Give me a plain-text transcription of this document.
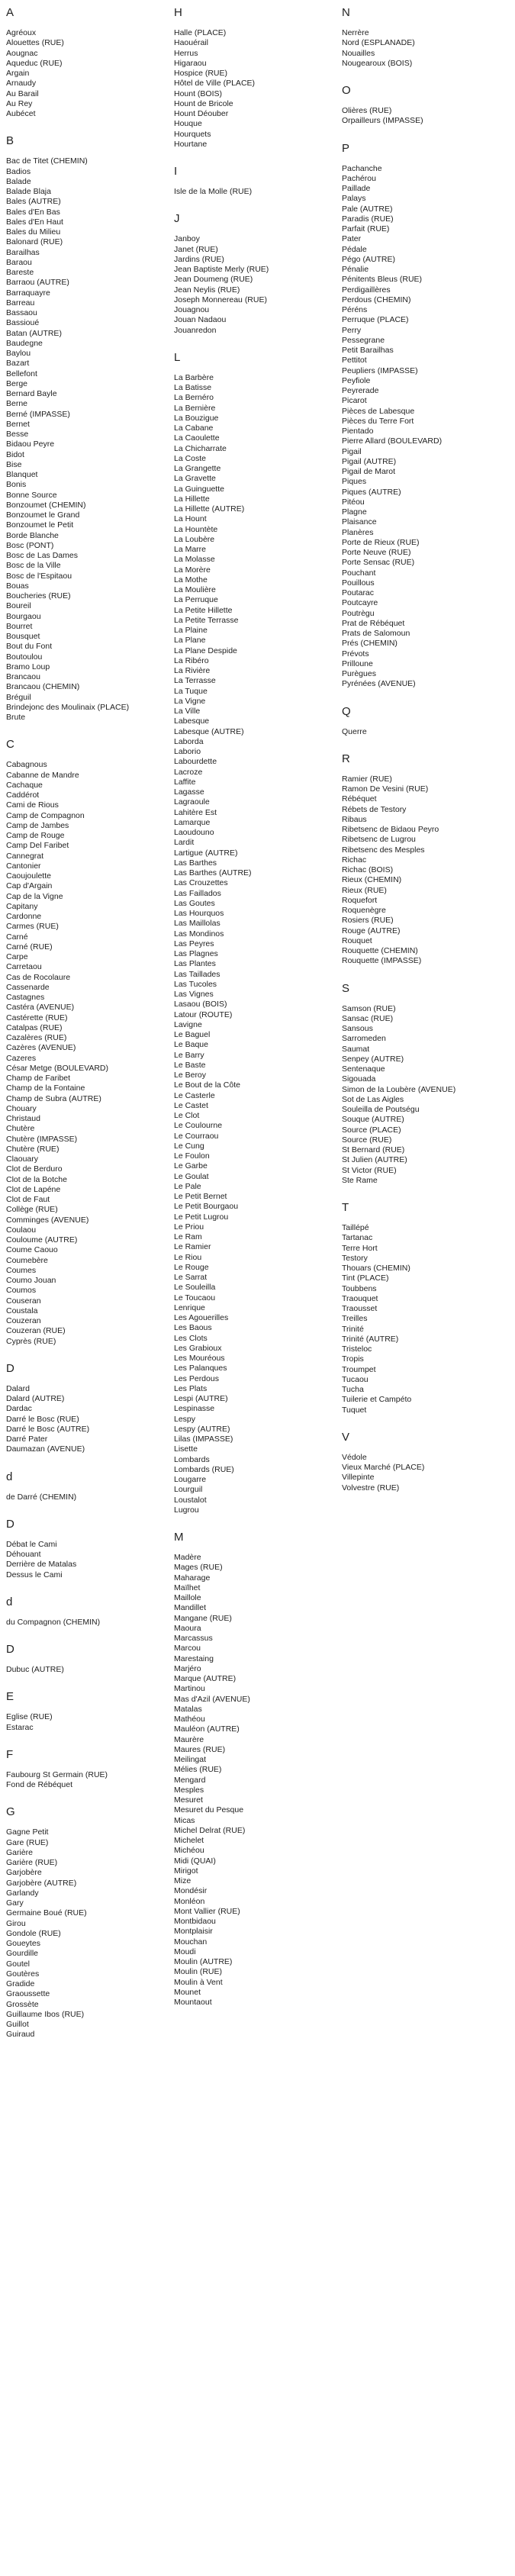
A
Agréoux
Alouettes (RUE)
Aougnac
Aqueduc (RUE)
Argain
Arnaudy
Au Barail
Au Rey
Aubécet
B
Bac de Titet (CHEMIN)
Badios
Balade
Balade Blaja
Bales (AUTRE)
Bales d'En Bas
Bales d'En Haut
Bales du Milieu
Balonard (RUE)
Barailhas
Baraou
Bareste
Barraou (AUTRE)
Barraquayre
Barreau
Bassaou
Bassioué
Batan (AUTRE)
Baudegne
Baylou
Bazart
Bellefont
Berge
Bernard Bayle
Berne
Berné (IMPASSE)
Bernet
Besse
Bidaou Peyre
Bidot
Bise
Blanquet
Bonis
Bonne Source
Bonzoumet (CHEMIN)
Bonzoumet le Grand
Bonzoumet le Petit
Borde Blanche
Bosc (PONT)
Bosc de Las Dames
Bosc de la Ville
Bosc de l'Espitaou
Bouas
Boucheries (RUE)
Boureil
Bourgaou
Bourret
Bousquet
Bout du Font
Boutoulou
Bramo Loup
Brancaou
Brancaou (CHEMIN)
Bréguil
Brindejonc des Moulinaix (PLACE)
Brute
C
Cabagnous
Cabanne de Mandre
Cachaque
Caddérot
Cami de Rious
Camp de Compagnon
Camp de Jambes
Camp de Rouge
Camp Del Faribet
Cannegrat
Cantonier
Caoujoulette
Cap d'Argain
Cap de la Vigne
Capitany
Cardonne
Carmes (RUE)
Carné
Carné (RUE)
Carpe
Carretaou
Cas de Rocolaure
Cassenarde
Castagnes
Castéra (AVENUE)
Castérette (RUE)
Catalpas (RUE)
Cazalères (RUE)
Cazères (AVENUE)
Cazeres
César Metge (BOULEVARD)
Champ de Faribet
Champ de la Fontaine
Champ de Subra (AUTRE)
Chouary
Christaud
Chutère
Chutère (IMPASSE)
Chutère (RUE)
Claouary
Clot de Berduro
Clot de la Botche
Clot de Lapéne
Clot de Faut
Collège (RUE)
Comminges (AVENUE)
Coulaou
Couloume (AUTRE)
Coume Caouo
Coumebère
Coumes
Coumo Jouan
Coumos
Couseran
Coustala
Couzeran
Couzeran (RUE)
Cyprès (RUE)
D
Dalard
Dalard (AUTRE)
Dardac
Darré le Bosc (RUE)
Darré le Bosc (AUTRE)
Darré Pater
Daumazan (AVENUE)
d
de Darré (CHEMIN)
D
Débat le Cami
Déhouant
Derrière de Matalas
Dessus le Cami
d
du Compagnon (CHEMIN)
D
Dubuc (AUTRE)
E
Eglise (RUE)
Estarac
F
Faubourg St Germain (RUE)
Fond de Rébéquet
G
Gagne Petit
Gare (RUE)
Garière
Garière (RUE)
Garjobère
Garjobère (AUTRE)
Garlandy
Gary
Germaine Boué (RUE)
Girou
Gondole (RUE)
Goueytes
Gourdille
Goutel
Goutères
Gradide
Graoussette
Grossète
Guillaume Ibos (RUE)
Guillot
Guiraud
H
Halle (PLACE)
Haouérail
Herrus
Higaraou
Hospice (RUE)
Hôtel de Ville (PLACE)
Hount (BOIS)
Hount de Bricole
Hount Déouber
Houque
Hourquets
Hourtane
I
Isle de la Molle (RUE)
J
Janboy
Janet (RUE)
Jardins (RUE)
Jean Baptiste Merly (RUE)
Jean Doumeng (RUE)
Jean Neylis (RUE)
Joseph Monnereau (RUE)
Jouagnou
Jouan Nadaou
Jouanredon
L
La Barbère
La Batisse
La Bernéro
La Bernière
La Bouzigue
La Cabane
La Caoulette
La Chicharrate
La Coste
La Grangette
La Gravette
La Guinguette
La Hillette
La Hillette (AUTRE)
La Hount
La Hountète
La Loubère
La Marre
La Molasse
La Morère
La Mothe
La Moulière
La Perruque
La Petite Hillette
La Petite Terrasse
La Plaine
La Plane
La Plane Despide
La Ribéro
La Rivière
La Terrasse
La Tuque
La Vigne
La Ville
Labesque
Labesque (AUTRE)
Laborda
Laborio
Labourdette
Lacroze
Laffite
Lagasse
Lagraoule
Lahitère Est
Lamarque
Laoudouno
Lardit
Lartigue (AUTRE)
Las Barthes
Las Barthes (AUTRE)
Las Crouzettes
Las Faillados
Las Goutes
Las Hourquos
Las Maillolas
Las Mondinos
Las Peyres
Las Plagnes
Las Plantes
Las Taillades
Las Tucoles
Las Vignes
Lasaou (BOIS)
Latour (ROUTE)
Lavigne
Le Baguel
Le Baque
Le Barry
Le Baste
Le Beroy
Le Bout de la Côte
Le Casterle
Le Castet
Le Clot
Le Coulourne
Le Courraou
Le Cung
Le Foulon
Le Garbe
Le Goulat
Le Pale
Le Petit Bernet
Le Petit Bourgaou
Le Petit Lugrou
Le Priou
Le Ram
Le Ramier
Le Riou
Le Rouge
Le Sarrat
Le Souleilla
Le Toucaou
Lenrique
Les Agouerilles
Les Baous
Les Clots
Les Grabioux
Les Mouréous
Les Palanques
Les Perdous
Les Plats
Lespi (AUTRE)
Lespinasse
Lespy
Lespy (AUTRE)
Lilas (IMPASSE)
Lisette
Lombards
Lombards (RUE)
Lougarre
Lourguil
Loustalot
Lugrou
M
Madère
Mages (RUE)
Maharage
Maïlhet
Maillole
Mandillet
Mangane (RUE)
Maoura
Marcassus
Marcou
Marestaing
Marjéro
Marque (AUTRE)
Martinou
Mas d'Azil (AVENUE)
Matalas
Mathéou
Mauléon (AUTRE)
Maurère
Maures (RUE)
Meilingat
Mélies (RUE)
Mengard
Mesples
Mesuret
Mesuret du Pesque
Micas
Michel Delrat (RUE)
Michelet
Michéou
Midi (QUAI)
Mirigot
Mize
Mondésir
Monléon
Mont Vallier (RUE)
Montbidaou
Montplaisir
Mouchan
Moudi
Moulin (AUTRE)
Moulin (RUE)
Moulin à Vent
Mounet
Mountaout
N
Nerrère
Nord (ESPLANADE)
Nouailles
Nougearoux (BOIS)
O
Olières (RUE)
Orpailleurs (IMPASSE)
P
Pachanche
Pachérou
Paillade
Palays
Pale (AUTRE)
Paradis (RUE)
Parfait (RUE)
Pater
Pédale
Pégo (AUTRE)
Pénalie
Pénitents Bleus (RUE)
Perdigaillères
Perdous (CHEMIN)
Péréns
Perruque (PLACE)
Perry
Pessegrane
Petit Barailhas
Pettitot
Peupliers (IMPASSE)
Peyfiole
Peyrerade
Picarot
Pièces de Labesque
Pièces du Terre Fort
Pientado
Pierre Allard (BOULEVARD)
Pigail
Pigail (AUTRE)
Pigail de Marot
Piques
Piques (AUTRE)
Pitéou
Plagne
Plaisance
Planères
Porte de Rieux (RUE)
Porte Neuve (RUE)
Porte Sensac (RUE)
Pouchant
Pouillous
Poutarac
Poutcayre
Poutrègu
Prat de Rébéquet
Prats de Salomoun
Prés (CHEMIN)
Prévots
Prilloune
Purègues
Pyrénées (AVENUE)
Q
Querre
R
Ramier (RUE)
Ramon De Vesini (RUE)
Rébéquet
Rébets de Testory
Ribaus
Ribetsenc de Bidaou Peyro
Ribetsenc de Lugrou
Ribetsenc des Mesples
Richac
Richac (BOIS)
Rieux (CHEMIN)
Rieux (RUE)
Roquefort
Roquenègre
Rosiers (RUE)
Rouge (AUTRE)
Rouquet
Rouquette (CHEMIN)
Rouquette (IMPASSE)
S
Samson (RUE)
Sansac (RUE)
Sansous
Sarromeden
Saumat
Senpey (AUTRE)
Sentenaque
Sigouada
Simon de la Loubère (AVENUE)
Sot de Las Aigles
Souleilla de Poutségu
Souque (AUTRE)
Source (PLACE)
Source (RUE)
St Bernard (RUE)
St Julien (AUTRE)
St Victor (RUE)
Ste Rame
T
Taillépé
Tartanac
Terre Hort
Testory
Thouars (CHEMIN)
Tint (PLACE)
Toubbens
Traouquet
Traousset
Treilles
Trinité
Trinité (AUTRE)
Tristeloc
Tropis
Troumpet
Tucaou
Tucha
Tuilerie et Campéto
Tuquet
V
Védole
Vieux Marché (PLACE)
Villepinte
Volvestre (RUE)
